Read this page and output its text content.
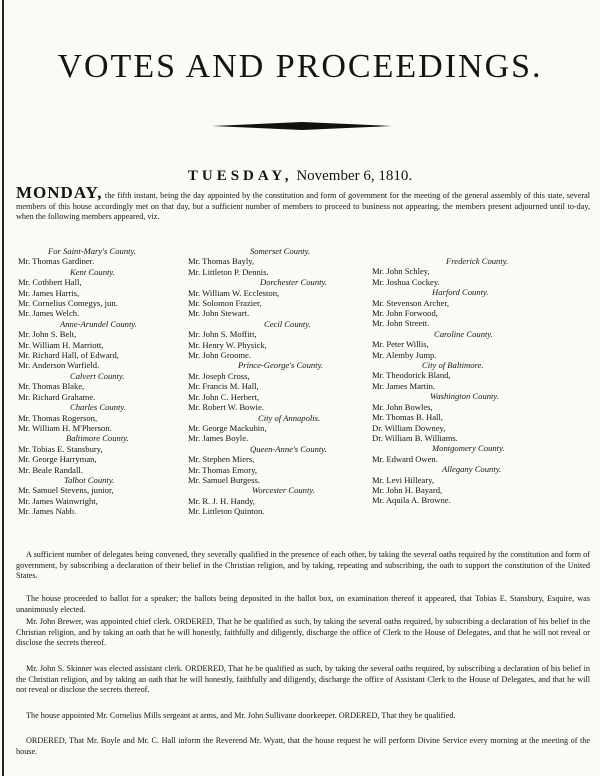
VOTES AND PROCEEDINGS.
TUESDAY, November 6, 1810.

MONDAY, the fifth instant, being the day appointed by the constitution and form of government for the meeting of the general assembly of this state, several members of this house accordingly met on that day, but a sufficient number of members to proceed to business not appearing, the members present adjourned until to-day, when the following members appeared, viz.

For Saint-Mary's County.
Mr. Thomas Gardiner.
Kent County.
Mr. Cothbert Hall,
Mr. James Harris,
Mr. Cornelius Comegys, jun.
Mr. James Welch.
Anne-Arundel County.
Mr. John S. Belt,
Mr. William H. Marriott,
Mr. Richard Hall, of Edward,
Mr. Anderson Warfield.
Calvert County.
Mr. Thomas Blake,
Mr. Richard Grahame.
Charles County.
Mr. Thomas Rogerson,
Mr. William H. M'Pherson.
Baltimore County.
Mr. Tobias E. Stansbury,
Mr. George Harryman,
Mr. Beale Randall.
Talbot County.
Mr. Samuel Stevens, junior,
Mr. James Wainwright,
Mr. James Nabb.
Somerset County.
Mr. Thomas Bayly,
Mr. Littleton P. Dennis.
Dorchester County.
Mr. William W. Eccleston,
Mr. Solomon Frazier,
Mr. John Stewart.
Cecil County.
Mr. John S. Moffitt,
Mr. Henry W. Physick,
Mr. John Groome.
Prince-George's County.
Mr. Joseph Cross,
Mr. Francis M. Hall,
Mr. John C. Herbert,
Mr. Robert W. Bowie.
City of Annapolis.
Mr. George Mackubin,
Mr. James Boyle.
Queen-Anne's County.
Mr. Stephen Miers,
Mr. Thomas Emory,
Mr. Samuel Burgess.
Worcester County.
Mr. R. J. H. Handy,
Mr. Littleton Quinton.
Frederick County.
Mr. John Schley,
Mr. Joshua Cockey.
Harford County.
Mr. Stevenson Archer,
Mr. John Forwood,
Mr. John Streett.
Caroline County.
Mr. Peter Willis,
Mr. Alemby Jump.
City of Baltimore.
Mr. Theodorick Bland,
Mr. James Martin.
Washington County.
Mr. John Bowles,
Mr. Thomas B. Hall,
Dr. William Downey,
Dr. William B. Williams.
Montgomery County.
Mr. Edward Owen.
Allegany County.
Mr. Levi Hilleary,
Mr. John H. Bayard,
Mr. Aquila A. Browne.

A sufficient number of delegates being convened, they severally qualified in the presence of each other, by taking the several oaths required by the constitution and form of government, by subscribing a declaration of their belief in the Christian religion, and by taking, repeating and subscribing, the oath to support the constitution of the United States.

The house proceeded to ballot for a speaker; the ballots being deposited in the ballot box, on examination thereof it appeared, that Tobias E. Stansbury, Esquire, was unanimously elected.

Mr. John Brewer, was appointed chief clerk. ORDERED, That he be qualified as such, by taking the several oaths required, by subscribing a declaration of his belief in the Christian religion, and by taking an oath that he will honestly, faithfully and diligently, discharge the office of Clerk to the House of Delegates, and that he will not reveal or disclose the secrets thereof.

Mr. John S. Skinner was elected assistant clerk. ORDERED, That he be qualified as such, by taking the several oaths required, by subscribing a declaration of his belief in the Christian religion, and by taking an oath that he will honestly, faithfully and diligently, discharge the office of Assistant Clerk to the House of Delegates, and that he will not reveal or disclose the secrets thereof.

The house appointed Mr. Cornelius Mills sergeant at arms, and Mr. John Sullivane doorkeeper. ORDERED, That they be qualified.

ORDERED, That Mr. Boyle and Mr. C. Hall inform the Reverend Mr. Wyatt, that the house request he will perform Divine Service every morning at the meeting of the house.
